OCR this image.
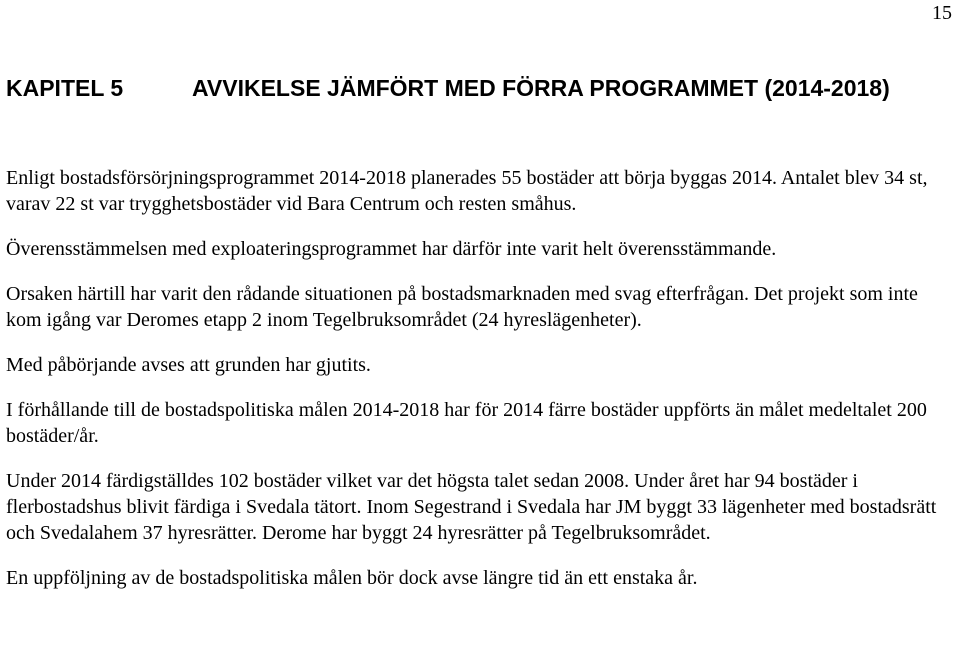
15
KAPITEL 5	AVVIKELSE JÄMFÖRT MED FÖRRA PROGRAMMET (2014-2018)

Enligt bostadsförsörjningsprogrammet 2014-2018 planerades 55 bostäder att börja byggas 2014. Antalet blev 34 st, varav 22 st var trygghetsbostäder vid Bara Centrum och resten småhus.

Överensstämmelsen med exploateringsprogrammet har därför inte varit helt överensstämmande.

Orsaken härtill har varit den rådande situationen på bostadsmarknaden med svag efterfrågan. Det projekt som inte kom igång var Deromes etapp 2 inom Tegelbruksområdet (24 hyreslägenheter).

Med påbörjande avses att grunden har gjutits.

I förhållande till de bostadspolitiska målen 2014-2018 har för 2014 färre bostäder uppförts än målet medeltalet 200 bostäder/år.

Under 2014 färdigställdes 102 bostäder vilket var det högsta talet sedan 2008. Under året har 94 bostäder i flerbostadshus blivit färdiga i Svedala tätort. Inom Segestrand i Svedala har JM byggt 33 lägenheter med bostadsrätt och Svedalahem 37 hyresrätter. Derome har byggt 24 hyresrätter på Tegelbruksområdet.

En uppföljning av de bostadspolitiska målen bör dock avse längre tid än ett enstaka år.
